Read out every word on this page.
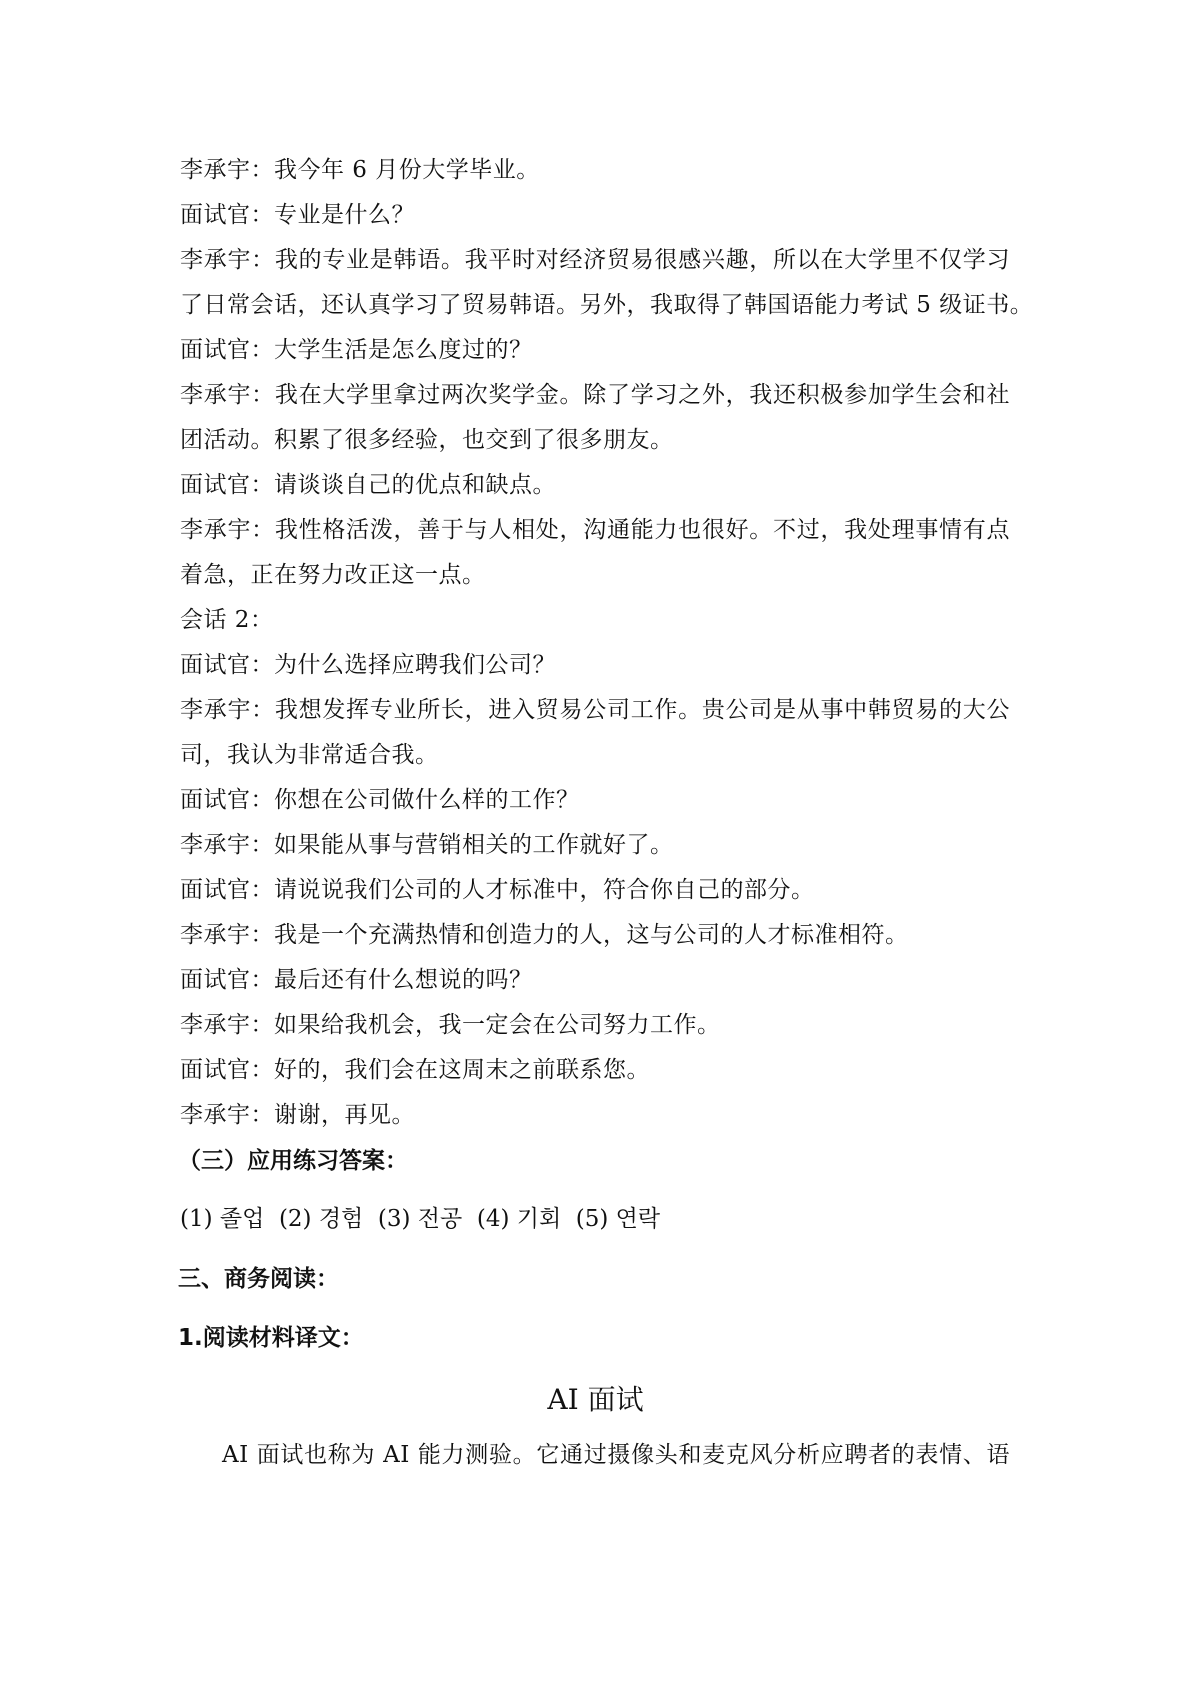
李承宇：我今年 6 月份大学毕业。
面试官：专业是什么？
李承宇：我的专业是韩语。我平时对经济贸易很感兴趣，所以在大学里不仅学习
了日常会话，还认真学习了贸易韩语。另外，我取得了韩国语能力考试 5 级证书。
面试官：大学生活是怎么度过的？
李承宇：我在大学里拿过两次奖学金。除了学习之外，我还积极参加学生会和社
团活动。积累了很多经验，也交到了很多朋友。
面试官：请谈谈自己的优点和缺点。
李承宇：我性格活泼，善于与人相处，沟通能力也很好。不过，我处理事情有点
着急，正在努力改正这一点。
会话 2：
面试官：为什么选择应聘我们公司？
李承宇：我想发挥专业所长，进入贸易公司工作。贵公司是从事中韩贸易的大公
司，我认为非常适合我。
面试官：你想在公司做什么样的工作？
李承宇：如果能从事与营销相关的工作就好了。
面试官：请说说我们公司的人才标准中，符合你自己的部分。
李承宇：我是一个充满热情和创造力的人，这与公司的人才标准相符。
面试官：最后还有什么想说的吗？
李承宇：如果给我机会，我一定会在公司努力工作。
面试官：好的，我们会在这周末之前联系您。
李承宇：谢谢，再见。
（三）应用练习答案：
(1) 졸업  (2) 경험  (3) 전공  (4) 기회  (5) 연락
三、商务阅读：
1.阅读材料译文：
AI 面试
AI 面试也称为 AI 能力测验。它通过摄像头和麦克风分析应聘者的表情、语
